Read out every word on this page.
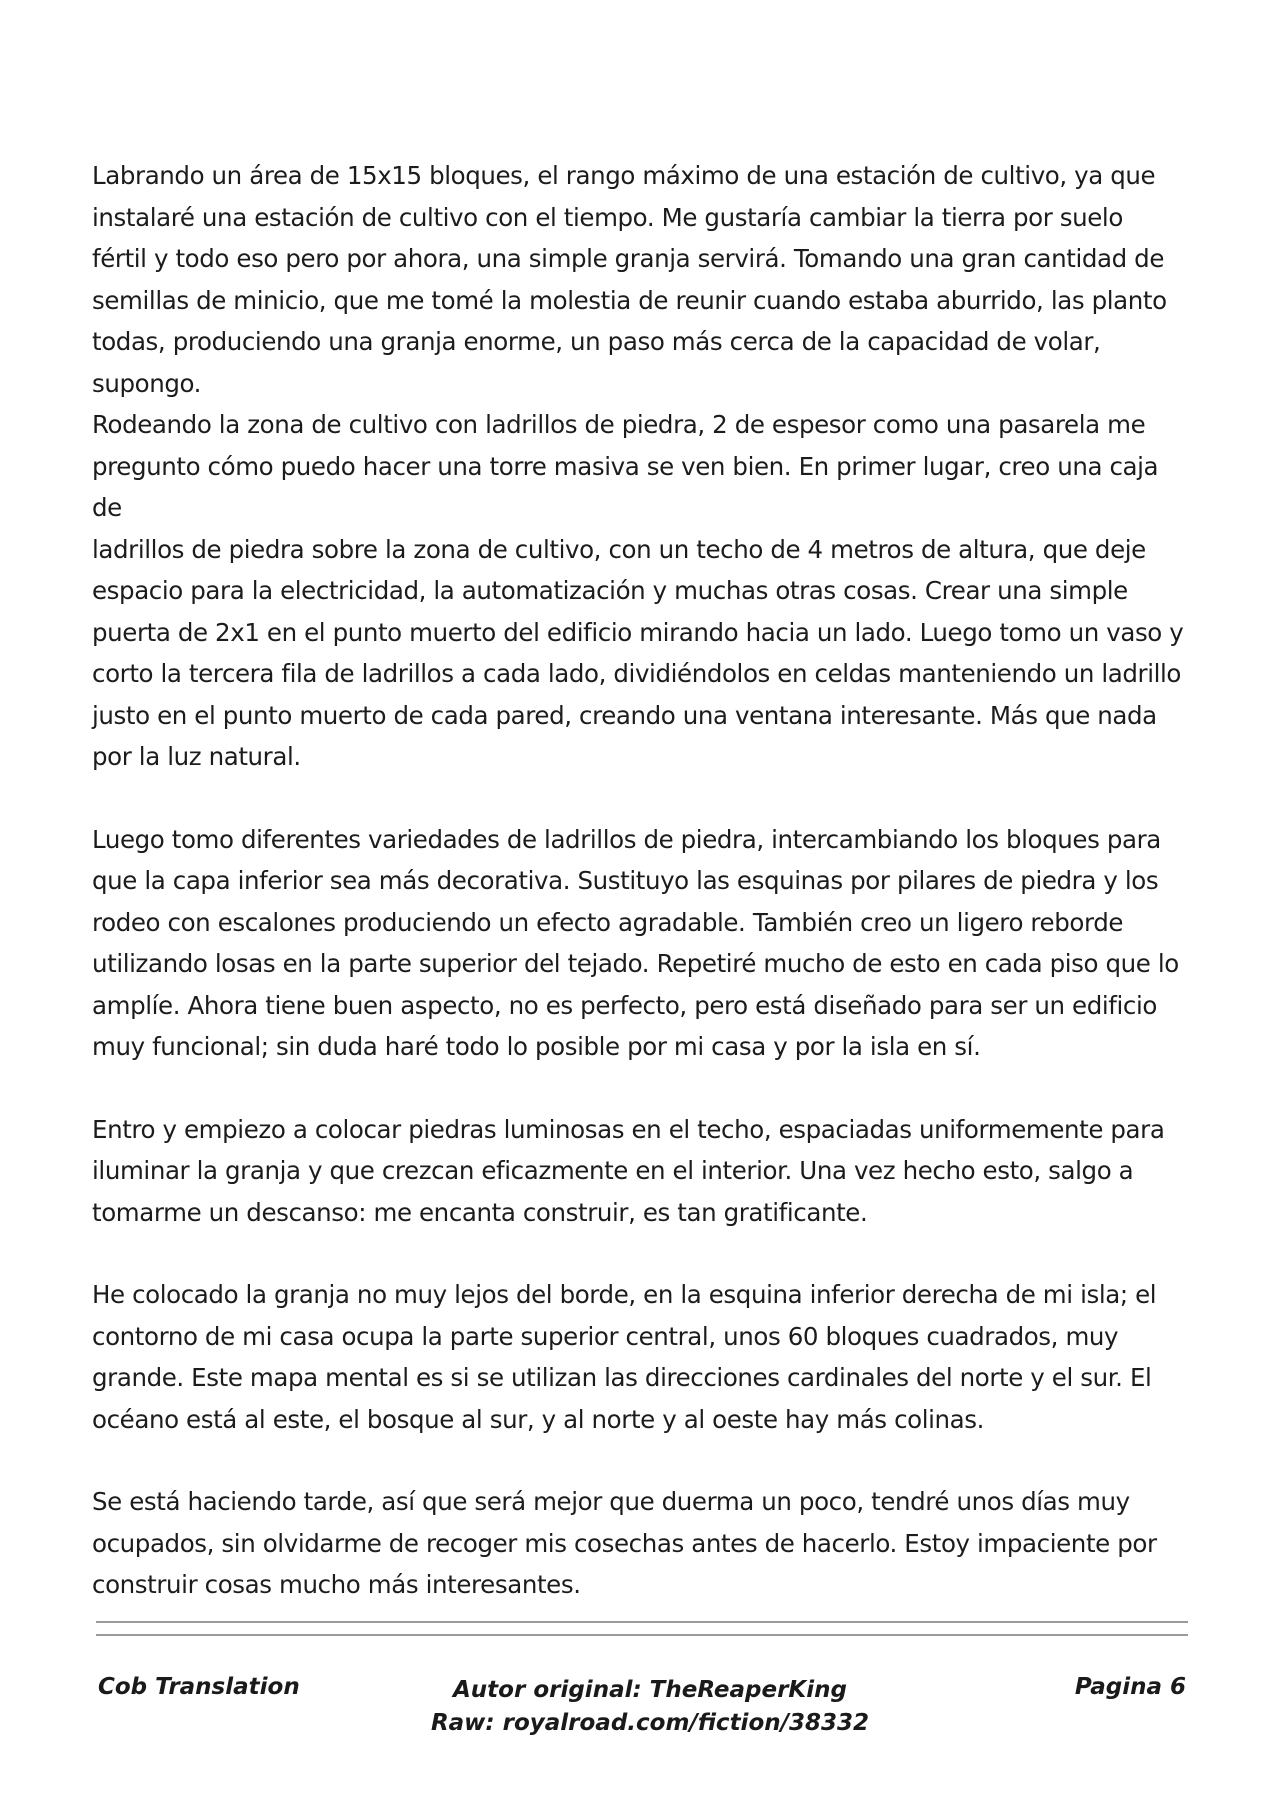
Labrando un área de 15x15 bloques, el rango máximo de una estación de cultivo, ya que
instalaré una estación de cultivo con el tiempo. Me gustaría cambiar la tierra por suelo
fértil y todo eso pero por ahora, una simple granja servirá. Tomando una gran cantidad de
semillas de minicio, que me tomé la molestia de reunir cuando estaba aburrido, las planto
todas, produciendo una granja enorme, un paso más cerca de la capacidad de volar, supongo.
Rodeando la zona de cultivo con ladrillos de piedra, 2 de espesor como una pasarela me
pregunto cómo puedo hacer una torre masiva se ven bien. En primer lugar, creo una caja de
ladrillos de piedra sobre la zona de cultivo, con un techo de 4 metros de altura, que deje
espacio para la electricidad, la automatización y muchas otras cosas. Crear una simple
puerta de 2x1 en el punto muerto del edificio mirando hacia un lado. Luego tomo un vaso y
corto la tercera fila de ladrillos a cada lado, dividiéndolos en celdas manteniendo un ladrillo
justo en el punto muerto de cada pared, creando una ventana interesante. Más que nada
por la luz natural.

Luego tomo diferentes variedades de ladrillos de piedra, intercambiando los bloques para
que la capa inferior sea más decorativa. Sustituyo las esquinas por pilares de piedra y los
rodeo con escalones produciendo un efecto agradable. También creo un ligero reborde
utilizando losas en la parte superior del tejado. Repetiré mucho de esto en cada piso que lo
amplíe. Ahora tiene buen aspecto, no es perfecto, pero está diseñado para ser un edificio
muy funcional; sin duda haré todo lo posible por mi casa y por la isla en sí.

Entro y empiezo a colocar piedras luminosas en el techo, espaciadas uniformemente para
iluminar la granja y que crezcan eficazmente en el interior. Una vez hecho esto, salgo a
tomarme un descanso: me encanta construir, es tan gratificante.

He colocado la granja no muy lejos del borde, en la esquina inferior derecha de mi isla; el
contorno de mi casa ocupa la parte superior central, unos 60 bloques cuadrados, muy
grande. Este mapa mental es si se utilizan las direcciones cardinales del norte y el sur. El
océano está al este, el bosque al sur, y al norte y al oeste hay más colinas.

Se está haciendo tarde, así que será mejor que duerma un poco, tendré unos días muy
ocupados, sin olvidarme de recoger mis cosechas antes de hacerlo. Estoy impaciente por
construir cosas mucho más interesantes.

Cob Translation	Autor original: TheReaperKing
Raw: royalroad.com/fiction/38332
Pagina 6
